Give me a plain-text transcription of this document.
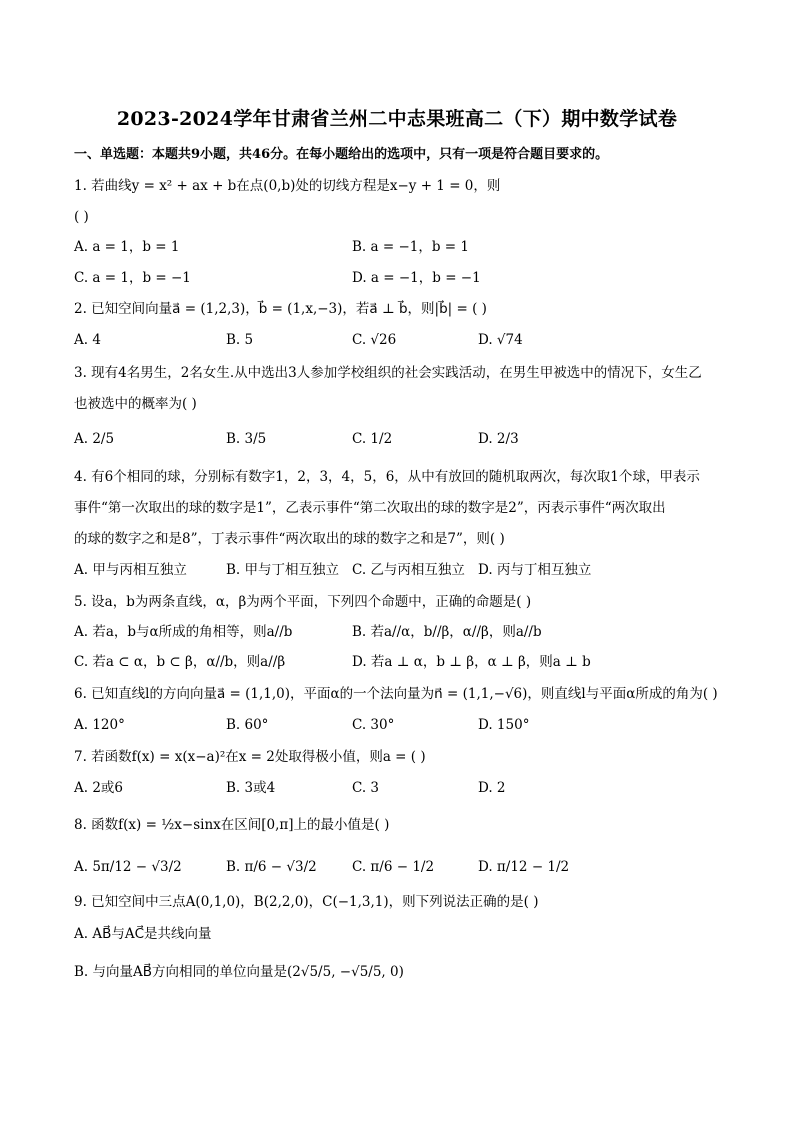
2023-2024学年甘肃省兰州二中志果班高二（下）期中数学试卷
一、单选题：本题共9小题，共46分。在每小题给出的选项中，只有一项是符合题目要求的。
1. 若曲线y = x² + ax + b在点(0,b)处的切线方程是x−y + 1 = 0，则
( )
A. a = 1，b = 1	B. a = −1，b = 1
C. a = 1，b = −1	D. a = −1，b = −1
2. 已知空间向量a⃗ = (1,2,3)，b⃗ = (1,x,−3)，若a⃗ ⊥ b⃗，则|b⃗| = ( )
A. 4	B. 5	C. √26	D. √74
3. 现有4名男生，2名女生.从中选出3人参加学校组织的社会实践活动，在男生甲被选中的情况下，女生乙
也被选中的概率为( )
A. 2/5	B. 3/5	C. 1/2	D. 2/3
4. 有6个相同的球，分别标有数字1，2，3，4，5，6，从中有放回的随机取两次，每次取1个球，甲表示
事件“第一次取出的球的数字是1”，乙表示事件“第二次取出的球的数字是2”，丙表示事件“两次取出
的球的数字之和是8”，丁表示事件“两次取出的球的数字之和是7”，则( )
A. 甲与丙相互独立	B. 甲与丁相互独立 C. 乙与丙相互独立 D. 丙与丁相互独立
5. 设a，b为两条直线，α，β为两个平面，下列四个命题中，正确的命题是( )
A. 若a，b与α所成的角相等，则a//b	B. 若a//α，b//β，α//β，则a//b
C. 若a ⊂ α，b ⊂ β，α//b，则a//β	D. 若a ⊥ α，b ⊥ β，α ⊥ β，则a ⊥ b
6. 已知直线l的方向向量a⃗ = (1,1,0)，平面α的一个法向量为n⃗ = (1,1,−√6)，则直线l与平面α所成的角为( )
A. 120°	B. 60°	C. 30°	D. 150°
7. 若函数f(x) = x(x−a)²在x = 2处取得极小值，则a = ( )
A. 2或6	B. 3或4	C. 3	D. 2
8. 函数f(x) = ½x−sinx在区间[0,π]上的最小值是( )
A. 5π/12 − √3/2	B. π/6 − √3/2	C. π/6 − 1/2	D. π/12 − 1/2
9. 已知空间中三点A(0,1,0)，B(2,2,0)，C(−1,3,1)，则下列说法正确的是( )
A. AB⃗与AC⃗是共线向量
B. 与向量AB⃗方向相同的单位向量是(2√5/5, −√5/5, 0)
